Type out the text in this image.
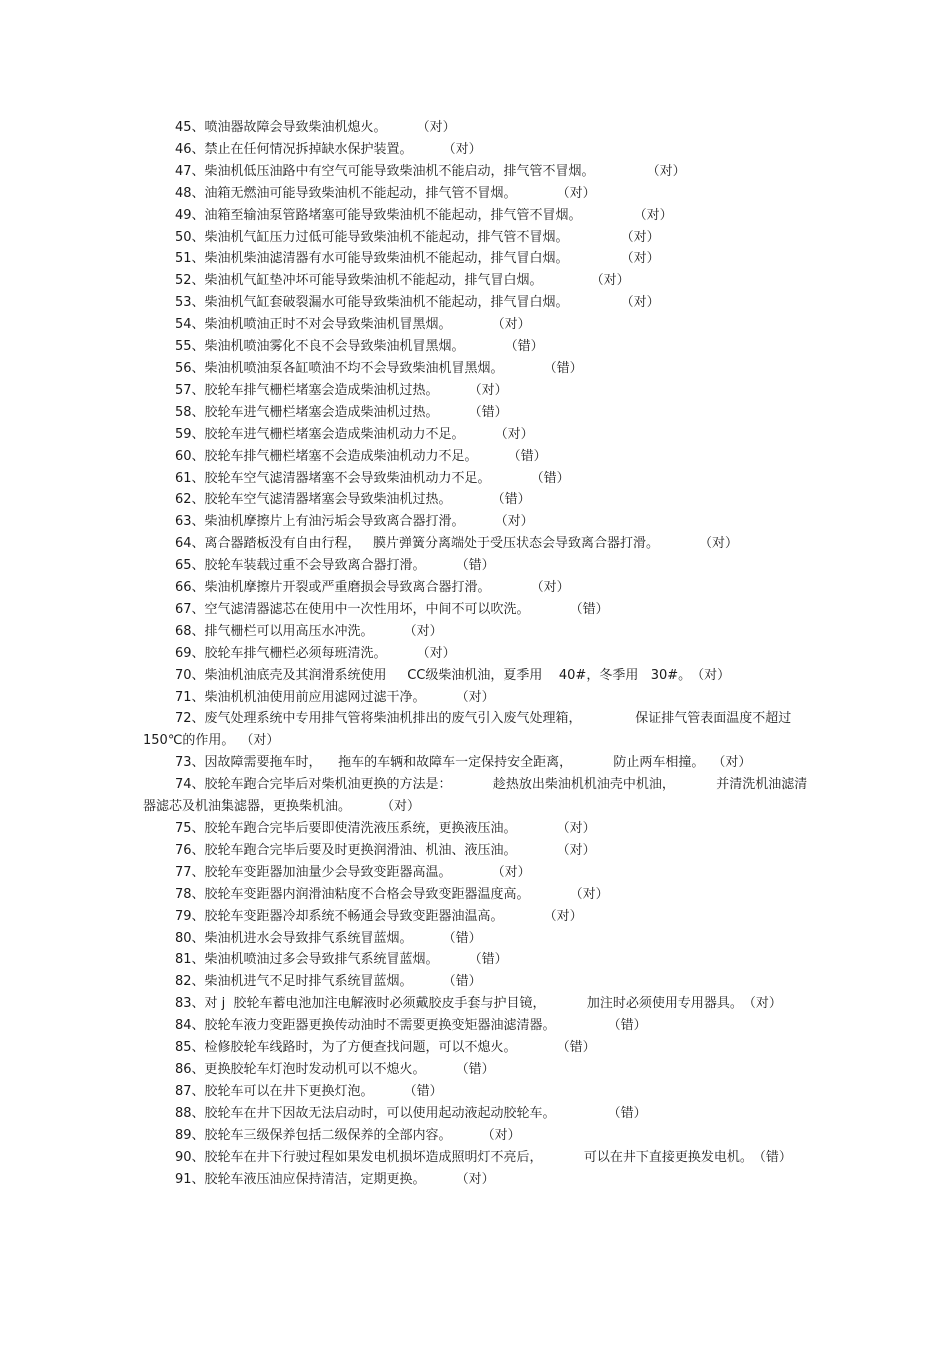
45、喷油器故障会导致柴油机熄火。 （对）
46、禁止在任何情况拆掉缺水保护装置。 （对）
47、柴油机低压油路中有空气可能导致柴油机不能启动，排气管不冒烟。	（对）
48、油箱无燃油可能导致柴油机不能起动，排气管不冒烟。	（对）
49、油箱至输油泵管路堵塞可能导致柴油机不能起动，排气管不冒烟。	（对）
50、柴油机气缸压力过低可能导致柴油机不能起动，排气管不冒烟。	（对）
51、柴油机柴油滤清器有水可能导致柴油机不能起动，排气冒白烟。	（对）
52、柴油机气缸垫冲坏可能导致柴油机不能起动，排气冒白烟。	（对）
53、柴油机气缸套破裂漏水可能导致柴油机不能起动，排气冒白烟。	（对）
54、柴油机喷油正时不对会导致柴油机冒黑烟。	（对）
55、柴油机喷油雾化不良不会导致柴油机冒黑烟。	（错）
56、柴油机喷油泵各缸喷油不均不会导致柴油机冒黑烟。	（错）
57、胶轮车排气栅栏堵塞会造成柴油机过热。 （对）
58、胶轮车进气栅栏堵塞会造成柴油机过热。 （错）
59、胶轮车进气栅栏堵塞会造成柴油机动力不足。 （对）
60、胶轮车排气栅栏堵塞不会造成柴油机动力不足。 （错）
61、胶轮车空气滤清器堵塞不会导致柴油机动力不足。	（错）
62、胶轮车空气滤清器堵塞会导致柴油机过热。	（错）
63、柴油机摩擦片上有油污垢会导致离合器打滑。 （对）
64、离合器踏板没有自由行程，   膜片弹簧分离端处于受压状态会导致离合器打滑。	（对）
65、胶轮车装载过重不会导致离合器打滑。 （错）
66、柴油机摩擦片开裂或严重磨损会导致离合器打滑。	（对）
67、空气滤清器滤芯在使用中一次性用坏，中间不可以吹洗。	（错）
68、排气栅栏可以用高压水冲洗。 （对）
69、胶轮车排气栅栏必须每班清洗。 （对）
70、柴油机油底壳及其润滑系统使用     CC级柴油机油，夏季用    40#，冬季用   30#。（对）
71、柴油机机油使用前应用滤网过滤干净。 （对）
72、废气处理系统中专用排气管将柴油机排出的废气引入废气处理箱，             保证排气管表面温度不超过   150℃的作用。 （对）
73、因故障需要拖车时，    拖车的车辆和故障车一定保持安全距离，          防止两车相撞。 （对）
74、胶轮车跑合完毕后对柴机油更换的方法是：          趁热放出柴油机机油壳中机油，          并清洗机油滤清器滤芯及机油集滤器，更换柴机油。 （对）
75、胶轮车跑合完毕后要即使清洗液压系统，更换液压油。	（对）
76、胶轮车跑合完毕后要及时更换润滑油、机油、液压油。	（对）
77、胶轮车变距器加油量少会导致变距器高温。	（对）
78、胶轮车变距器内润滑油粘度不合格会导致变距器温度高。	（对）
79、胶轮车变距器冷却系统不畅通会导致变距器油温高。	（对）
80、柴油机进水会导致排气系统冒蓝烟。 （错）
81、柴油机喷油过多会导致排气系统冒蓝烟。 （错）
82、柴油机进气不足时排气系统冒蓝烟。 （错）
83、对 j  胶轮车蓄电池加注电解液时必须戴胶皮手套与护目镜，          加注时必须使用专用器具。（对）
84、胶轮车液力变距器更换传动油时不需要更换变矩器油滤清器。	（错）
85、检修胶轮车线路时，为了方便查找问题，可以不熄火。	（错）
86、更换胶轮车灯泡时发动机可以不熄火。 （错）
87、胶轮车可以在井下更换灯泡。 （错）
88、胶轮车在井下因故无法启动时，可以使用起动液起动胶轮车。	（错）
89、胶轮车三级保养包括二级保养的全部内容。 （对）
90、胶轮车在井下行驶过程如果发电机损坏造成照明灯不亮后，          可以在井下直接更换发电机。（错）
91、胶轮车液压油应保持清洁，定期更换。 （对）
